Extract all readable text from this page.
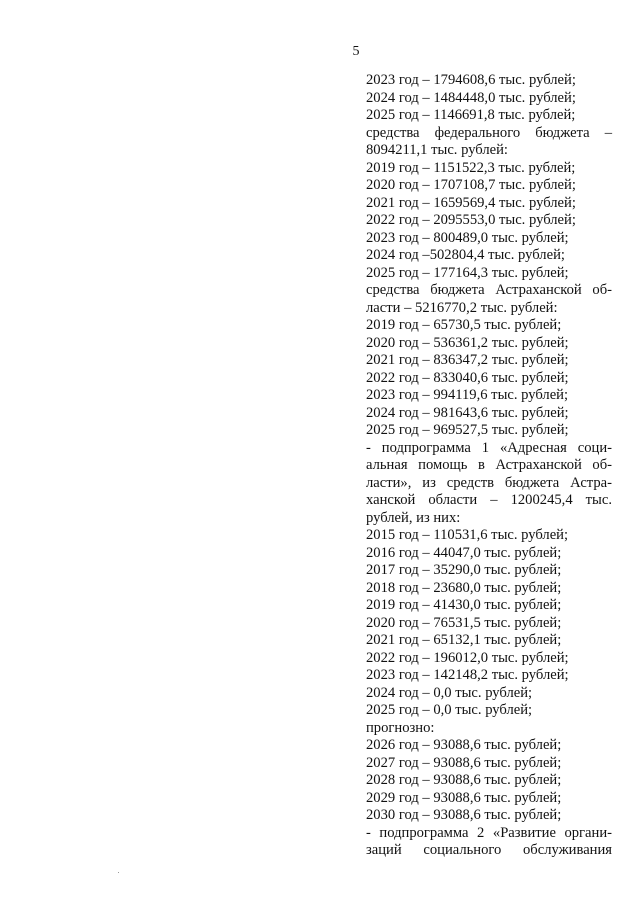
5
2023 год – 1794608,6 тыс. рублей;
2024 год – 1484448,0 тыс. рублей;
2025 год – 1146691,8 тыс. рублей;
средства федерального бюджета –
8094211,1 тыс. рублей:
2019 год – 1151522,3 тыс. рублей;
2020 год – 1707108,7 тыс. рублей;
2021 год – 1659569,4 тыс. рублей;
2022 год – 2095553,0 тыс. рублей;
2023 год – 800489,0 тыс. рублей;
2024 год –502804,4 тыс. рублей;
2025 год – 177164,3 тыс. рублей;
средства бюджета Астраханской об-
ласти – 5216770,2 тыс. рублей:
2019 год – 65730,5 тыс. рублей;
2020 год – 536361,2 тыс. рублей;
2021 год – 836347,2 тыс. рублей;
2022 год – 833040,6 тыс. рублей;
2023 год – 994119,6 тыс. рублей;
2024 год – 981643,6 тыс. рублей;
2025 год – 969527,5 тыс. рублей;
- подпрограмма 1 «Адресная соци-
альная помощь в Астраханской об-
ласти», из средств бюджета Астра-
ханской области – 1200245,4 тыс.
рублей, из них:
2015 год – 110531,6 тыс. рублей;
2016 год – 44047,0 тыс. рублей;
2017 год – 35290,0 тыс. рублей;
2018 год – 23680,0 тыс. рублей;
2019 год – 41430,0 тыс. рублей;
2020 год – 76531,5 тыс. рублей;
2021 год – 65132,1 тыс. рублей;
2022 год – 196012,0 тыс. рублей;
2023 год – 142148,2 тыс. рублей;
2024 год – 0,0 тыс. рублей;
2025 год – 0,0 тыс. рублей;
прогнозно:
2026 год – 93088,6 тыс. рублей;
2027 год – 93088,6 тыс. рублей;
2028 год – 93088,6 тыс. рублей;
2029 год – 93088,6 тыс. рублей;
2030 год – 93088,6 тыс. рублей;
- подпрограмма 2 «Развитие органи-
заций социального обслуживания
